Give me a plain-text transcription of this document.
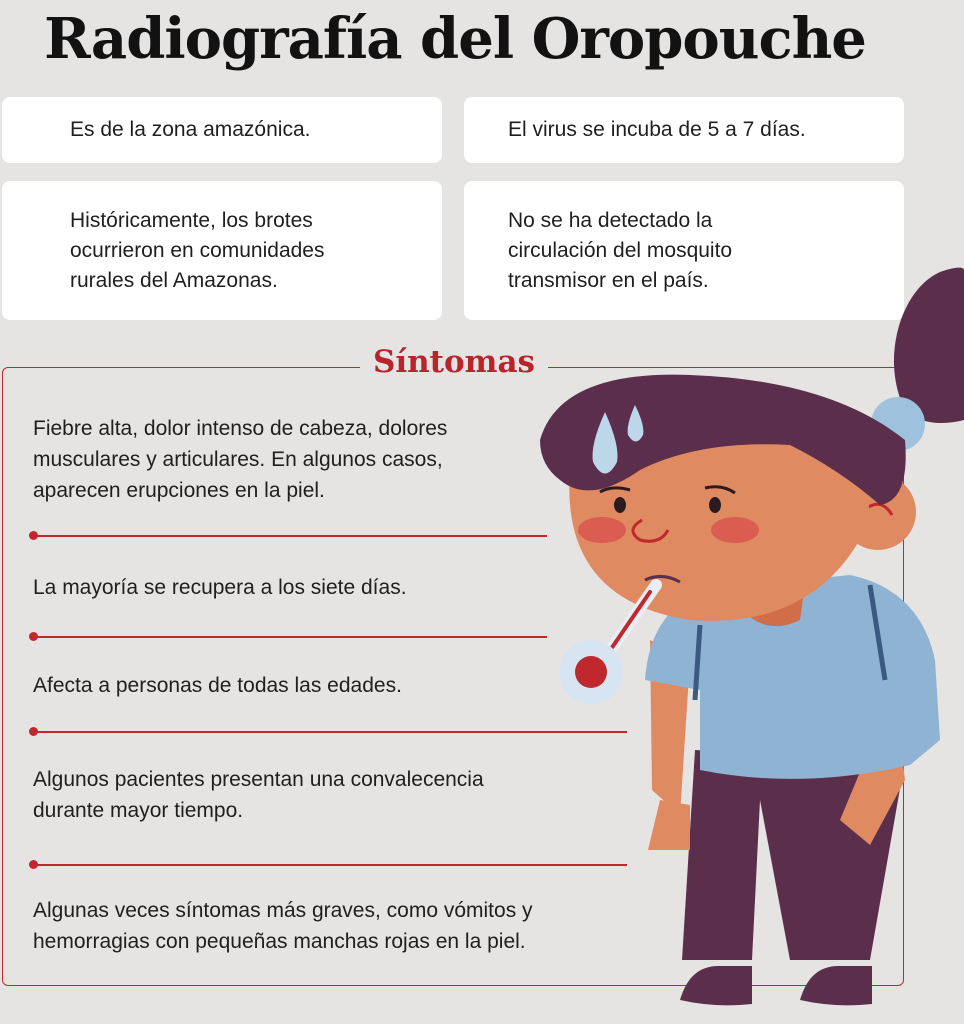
Radiografía del Oropouche
Es de la zona amazónica.	El virus se incuba de 5 a 7 días.
Históricamente, los brotes
ocurrieron en comunidades
rurales del Amazonas.
No se ha detectado la
circulación del mosquito
transmisor en el país.
Síntomas
Fiebre alta, dolor intenso de cabeza, dolores
musculares y articulares. En algunos casos,
aparecen erupciones en la piel.
La mayoría se recupera a los siete días.
Afecta a personas de todas las edades.
Algunos pacientes presentan una convalecencia
durante mayor tiempo.
Algunas veces síntomas más graves, como vómitos y
hemorragias con pequeñas manchas rojas en la piel.
